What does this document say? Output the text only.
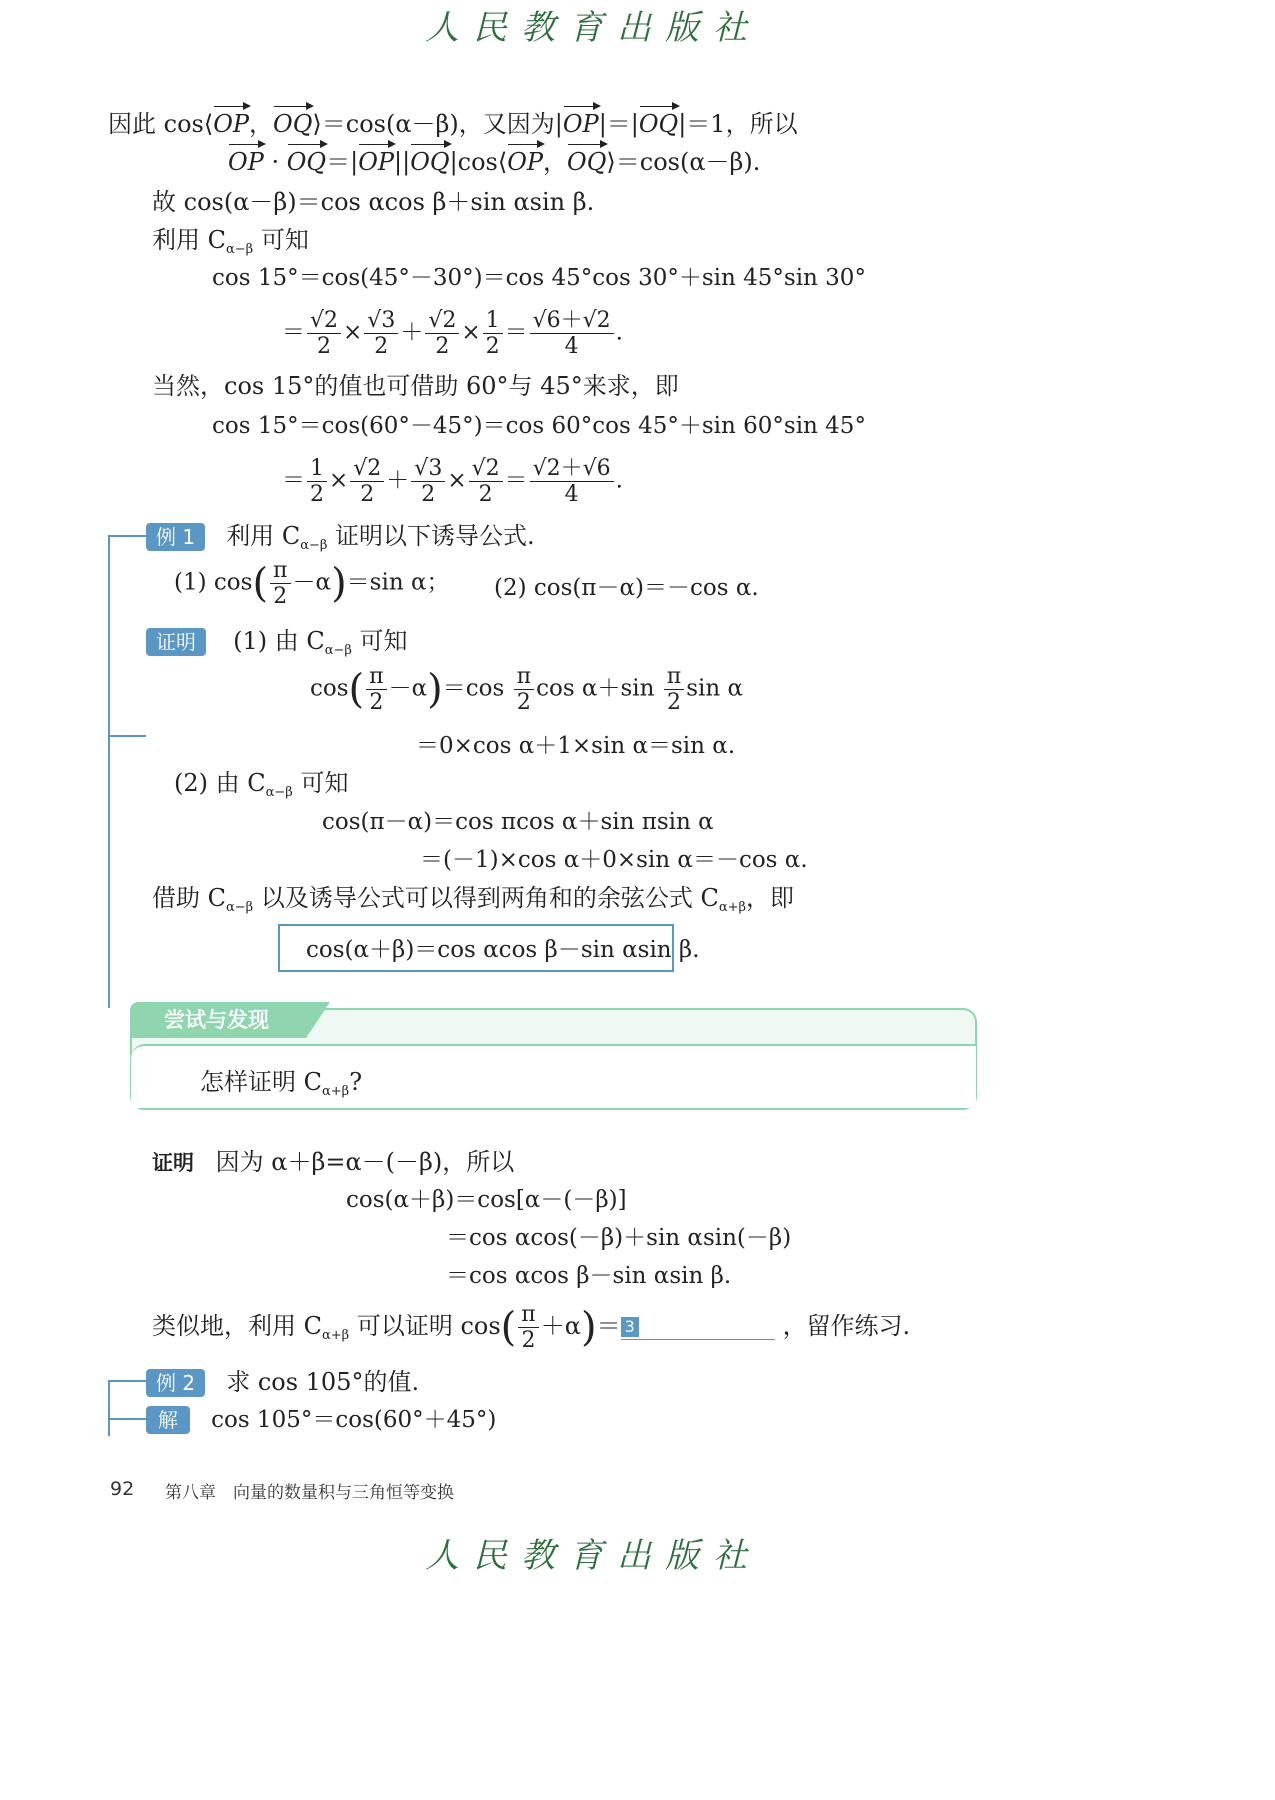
人民教育出版社
因此 cos⟨OP，OQ⟩＝cos(α－β)，又因为|OP|＝|OQ|＝1，所以
OP · OQ＝|OP||OQ|cos⟨OP，OQ⟩＝cos(α－β).
故 cos(α－β)＝cos αcos β＋sin αsin β.
利用 $C_{\alpha-\beta}$ 可知
cos 15°＝cos(45°－30°)＝cos 45°cos 30°＋sin 45°sin 30°
＝ $\frac{√2}{2} \times \frac{√3}{2} + \frac{√2}{2} \times \frac{1}{2} = \frac{√6+√2}{4}$ .
当然，cos 15°的值也可借助 60°与 45°来求，即
cos 15°＝cos(60°－45°)＝cos 60°cos 45°＋sin 60°sin 45°
＝ $\frac{1}{2} \times \frac{√2}{2} + \frac{√3}{2} \times \frac{√2}{2} = \frac{√2+√6}{4}$ .
例 1 利用 $C_{\alpha-\beta}$ 证明以下诱导公式.
(1) $\cos( \frac{\pi}{2} -\alpha)=\sin$ α； (2) cos(π－α)＝－cos α.
证明 (1) 由 $C_{\alpha-\beta}$ 可知
$\cos( \frac{\pi}{2} -\alpha)=\cos \frac{\pi}{2}$ $\cos \alpha+\sin \frac{\pi}{2}$ sin α
＝0×cos α＋1×sin α＝sin α.
(2) 由 $C_{\alpha-\beta}$ 可知
cos(π－α)＝cos πcos α＋sin πsin α
＝(－1)×cos α＋0×sin α＝－cos α.
借助 $C_{\alpha-\beta}$ 以及诱导公式可以得到两角和的余弦公式 $C_{\alpha+\beta}$，即
cos(α＋β)＝cos αcos β－sin αsin β.
尝试与发现
怎样证明 $C_{\alpha+\beta}$?
证明 因为 α＋β=α－(－β)，所以
cos(α＋β)＝cos[α－(－β)]
＝cos αcos(－β)＋sin αsin(－β)
＝cos αcos β－sin αsin β.
类似地，利用 $C_{\alpha+\beta}$ 可以证明 $\cos( \frac{\pi}{2} +\alpha)= 3$	，留作练习.
例 2 求 cos 105°的值.
解 cos 105°＝cos(60°＋45°)
92 第八章 向量的数量积与三角恒等变换
人民教育出版社
